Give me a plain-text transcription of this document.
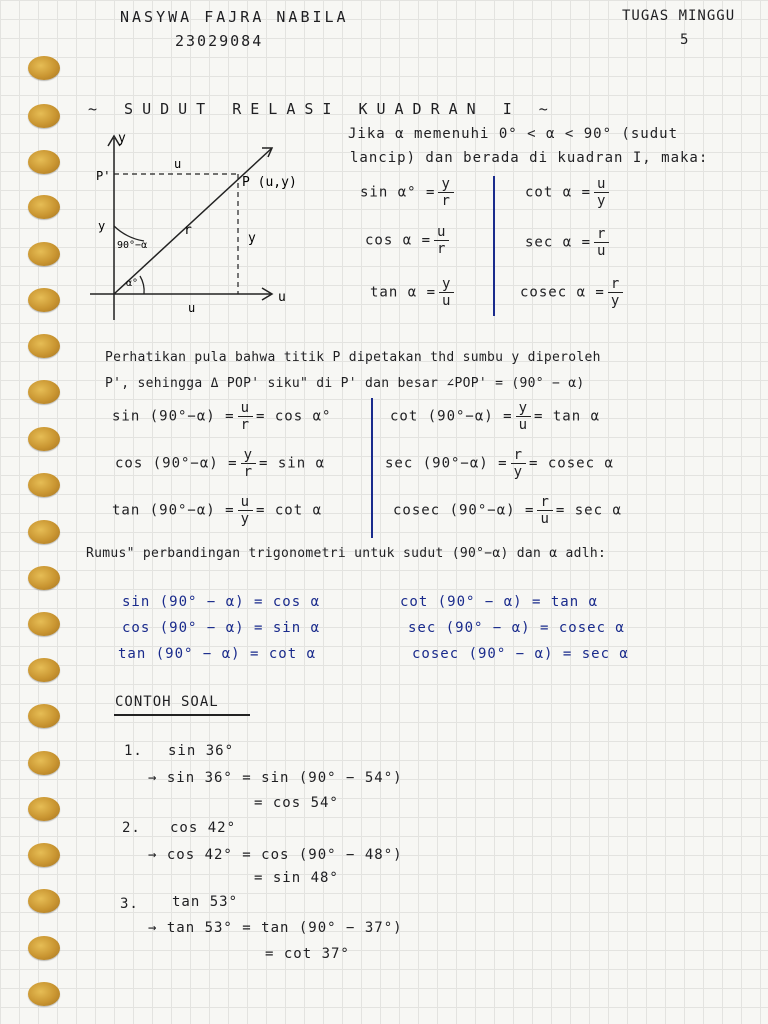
NASYWA FAJRA NABILA
23029084
TUGAS MINGGU
5
~ SUDUT RELASI KUADRAN I ~
y
u
P'	P (u,y)
u
u
y
y
r
90°−α
α°
Jika α memenuhi 0° < α < 90° (sudut
lancip) dan berada di kuadran I, maka:
$\sin \alpha^\circ = \frac{y}{r}$
$\cos \alpha = \frac{u}{r}$
$\tan \alpha = \frac{y}{u}$
$\cot \alpha = \frac{u}{y}$
$\sec \alpha = \frac{r}{u}$
cosec $\alpha = \frac{r}{y}$
Perhatikan pula bahwa titik P dipetakan thd sumbu y diperoleh
P', sehingga Δ POP' siku" di P' dan besar ∠POP' = (90° − α)
$\sin (90^\circ-\alpha) = \frac{u}{r} = \cos \alpha^\circ$
$\cos (90^\circ-\alpha) = \frac{y}{r} = \sin \alpha$
$\tan (90^\circ-\alpha) = \frac{u}{y} = \cot \alpha$
$\cot (90^\circ-\alpha) = \frac{y}{u} = \tan \alpha$
$\sec (90^\circ-\alpha) = \frac{r}{y} = cosec$ α
cosec $(90^\circ-\alpha) = \frac{r}{u} = \sec \alpha$
Rumus" perbandingan trigonometri untuk sudut (90°−α) dan α adlh:
sin (90° − α) = cos α
cos (90° − α) = sin α
tan (90° − α) = cot α
cot (90° − α) = tan α
sec (90° − α) = cosec α
cosec (90° − α) = sec α
CONTOH SOAL
1. sin 36°
→ sin 36° = sin (90° − 54°)
= cos 54°
2. cos 42°
→ cos 42° = cos (90° − 48°)
= sin 48°
3. tan 53°
→ tan 53° = tan (90° − 37°)
= cot 37°
